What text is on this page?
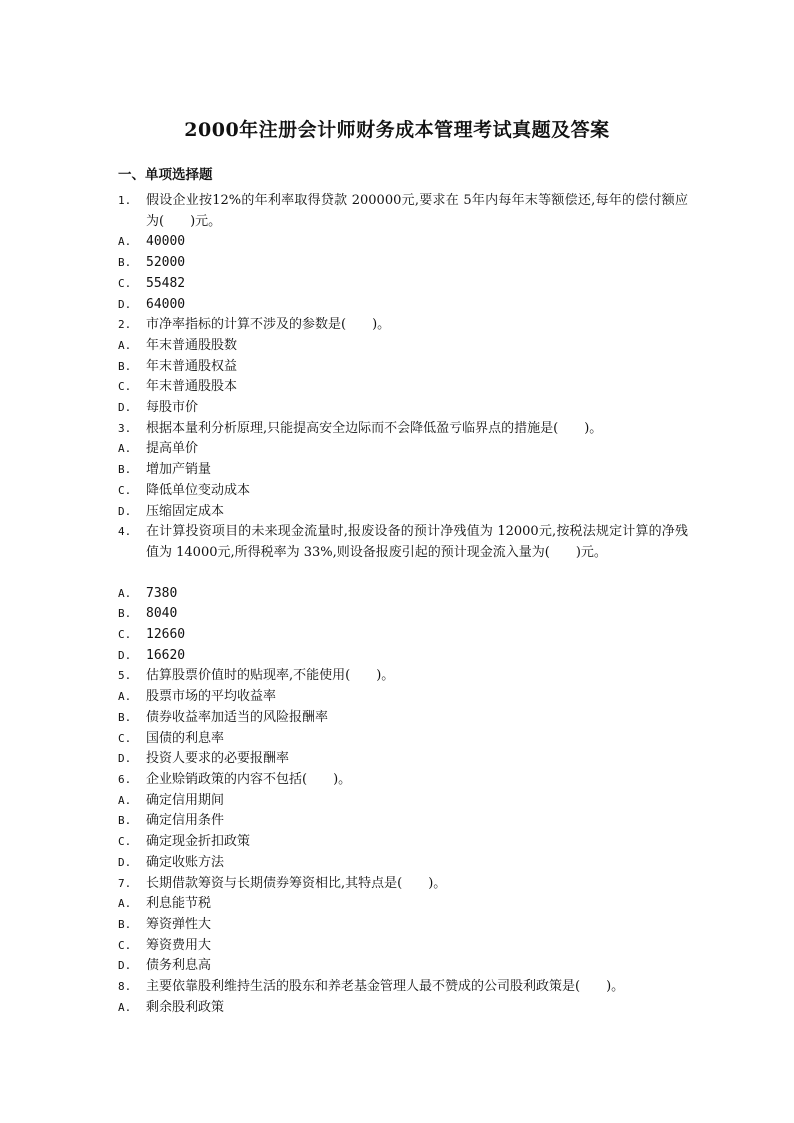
2000年注册会计师财务成本管理考试真题及答案
一、单项选择题
1.	假设企业按12%的年利率取得贷款 200000元,要求在 5年内每年末等额偿还,每年的偿付额应为(　　)元。
A.	40000
B.	52000
C.	55482
D.	64000
2.	市净率指标的计算不涉及的参数是(　　)。
A.	年末普通股股数
B.	年末普通股权益
C.	年末普通股股本
D.	每股市价
3.	根据本量利分析原理,只能提高安全边际而不会降低盈亏临界点的措施是(　　)。
A.	提高单价
B.	增加产销量
C.	降低单位变动成本
D.	压缩固定成本
4.	在计算投资项目的未来现金流量时,报废设备的预计净残值为 12000元,按税法规定计算的净残值为 14000元,所得税率为 33%,则设备报废引起的预计现金流入量为(　　)元。
A.	7380
B.	8040
C.	12660
D.	16620
5.	估算股票价值时的贴现率,不能使用(　　)。
A.	股票市场的平均收益率
B.	债券收益率加适当的风险报酬率
C.	国债的利息率
D.	投资人要求的必要报酬率
6.	企业赊销政策的内容不包括(　　)。
A.	确定信用期间
B.	确定信用条件
C.	确定现金折扣政策
D.	确定收账方法
7.	长期借款筹资与长期债券筹资相比,其特点是(　　)。
A.	利息能节税
B.	筹资弹性大
C.	筹资费用大
D.	债务利息高
8.	主要依靠股利维持生活的股东和养老基金管理人最不赞成的公司股利政策是(　　)。
A.	剩余股利政策
